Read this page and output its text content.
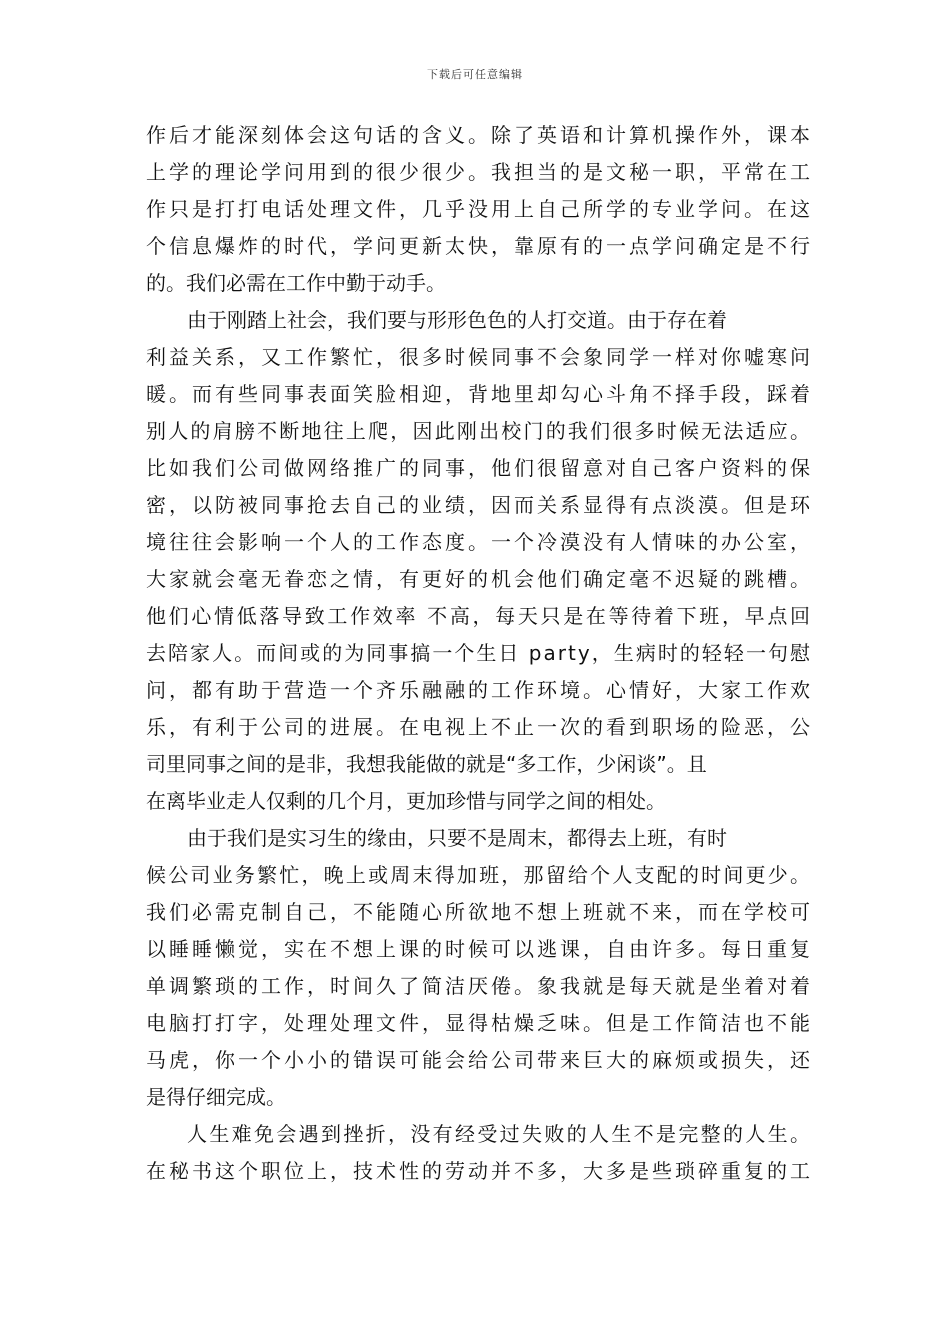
下载后可任意编辑
作后才能深刻体会这句话的含义。除了英语和计算机操作外，课本
上学的理论学问用到的很少很少。我担当的是文秘一职，平常在工
作只是打打电话处理文件，几乎没用上自己所学的专业学问。在这
个信息爆炸的时代，学问更新太快，靠原有的一点学问确定是不行
的。我们必需在工作中勤于动手。
由于刚踏上社会，我们要与形形色色的人打交道。由于存在着
利益关系，又工作繁忙，很多时候同事不会象同学一样对你嘘寒问
暖。而有些同事表面笑脸相迎，背地里却勾心斗角不择手段，踩着
别人的肩膀不断地往上爬，因此刚出校门的我们很多时候无法适应。
比如我们公司做网络推广的同事，他们很留意对自己客户资料的保
密，以防被同事抢去自己的业绩，因而关系显得有点淡漠。但是环
境往往会影响一个人的工作态度。一个冷漠没有人情味的办公室，
大家就会毫无眷恋之情，有更好的机会他们确定毫不迟疑的跳槽。
他们心情低落导致工作效率 不高，每天只是在等待着下班，早点回
去陪家人。而间或的为同事搞一个生日 party，生病时的轻轻一句慰
问，都有助于营造一个齐乐融融的工作环境。心情好，大家工作欢
乐，有利于公司的进展。在电视上不止一次的看到职场的险恶，公
司里同事之间的是非，我想我能做的就是“多工作，少闲谈”。且
在离毕业走人仅剩的几个月，更加珍惜与同学之间的相处。
由于我们是实习生的缘由，只要不是周末，都得去上班，有时
候公司业务繁忙，晚上或周末得加班，那留给个人支配的时间更少。
我们必需克制自己，不能随心所欲地不想上班就不来，而在学校可
以睡睡懒觉，实在不想上课的时候可以逃课，自由许多。每日重复
单调繁琐的工作，时间久了简洁厌倦。象我就是每天就是坐着对着
电脑打打字，处理处理文件，显得枯燥乏味。但是工作简洁也不能
马虎，你一个小小的错误可能会给公司带来巨大的麻烦或损失，还
是得仔细完成。
人生难免会遇到挫折，没有经受过失败的人生不是完整的人生。
在秘书这个职位上，技术性的劳动并不多，大多是些琐碎重复的工
